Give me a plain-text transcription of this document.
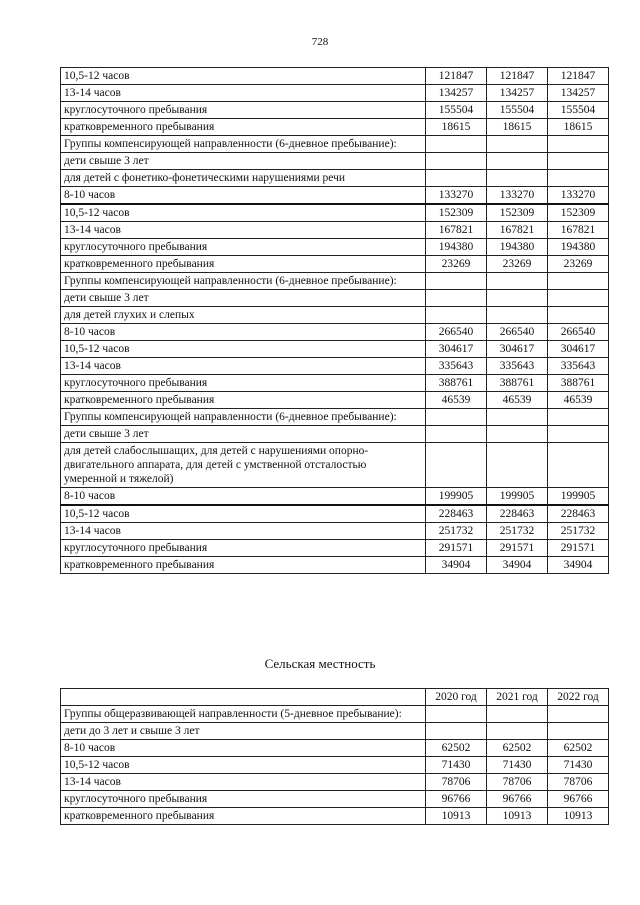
728
10,5-12 часов	121847	121847	121847
13-14 часов	134257	134257	134257
круглосуточного пребывания	155504	155504	155504
кратковременного пребывания	18615	18615	18615
Группы компенсирующей направленности (6-дневное пребывание):			
дети свыше 3 лет			
для детей с фонетико-фонетическими нарушениями речи			
8-10 часов	133270	133270	133270
10,5-12 часов	152309	152309	152309
13-14 часов	167821	167821	167821
круглосуточного пребывания	194380	194380	194380
кратковременного пребывания	23269	23269	23269
Группы компенсирующей направленности (6-дневное пребывание):			
дети свыше 3 лет			
для детей глухих и слепых			
8-10 часов	266540	266540	266540
10,5-12 часов	304617	304617	304617
13-14 часов	335643	335643	335643
круглосуточного пребывания	388761	388761	388761
кратковременного пребывания	46539	46539	46539
Группы компенсирующей направленности (6-дневное пребывание):			
дети свыше 3 лет			
для детей слабослышащих, для детей с нарушениями опорно-двигательного аппарата, для детей с умственной отсталостью умеренной и тяжелой)			
8-10 часов	199905	199905	199905
10,5-12 часов	228463	228463	228463
13-14 часов	251732	251732	251732
круглосуточного пребывания	291571	291571	291571
кратковременного пребывания	34904	34904	34904
Сельская местность
	2020 год	2021 год	2022 год
Группы общеразвивающей направленности (5-дневное пребывание):			
дети до 3 лет и свыше 3 лет			
8-10 часов	62502	62502	62502
10,5-12 часов	71430	71430	71430
13-14 часов	78706	78706	78706
круглосуточного пребывания	96766	96766	96766
кратковременного пребывания	10913	10913	10913
